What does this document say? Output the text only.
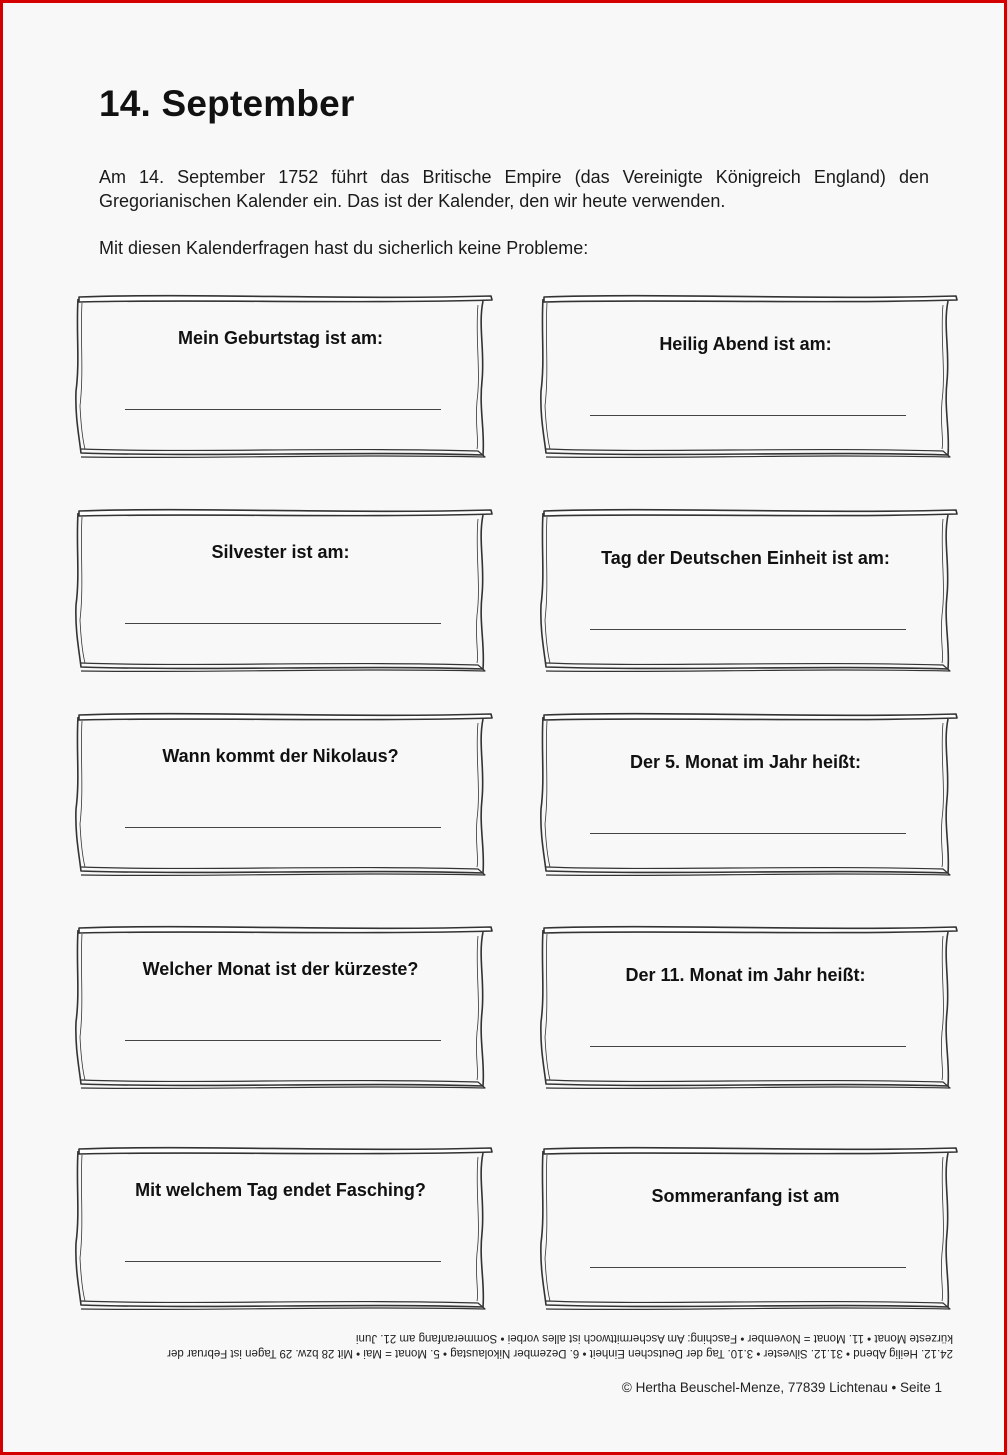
14. September

Am 14. September 1752 führt das Britische Empire (das Vereinigte Königreich England) den Gregorianischen Kalender ein. Das ist der Kalender, den wir heute verwenden.

Mit diesen Kalenderfragen hast du sicherlich keine Probleme:

Mein Geburtstag ist am:	Heilig Abend ist am:
Silvester ist am:	Tag der Deutschen Einheit ist am:
Wann kommt der Nikolaus?	Der 5. Monat im Jahr heißt:
Welcher Monat ist der kürzeste?	Der 11. Monat im Jahr heißt:
Mit welchem Tag endet Fasching?	Sommeranfang ist am

24.12. Heilig Abend • 31.12. Silvester • 3.10. Tag der Deutschen Einheit • 6. Dezember Nikolaustag • 5. Monat = Mai • Mit 28 bzw. 29 Tagen ist Februar der kürzeste Monat • 11. Monat = November • Fasching: Am Aschermittwoch ist alles vorbei • Sommeranfang am 21. Juni

© Hertha Beuschel-Menze, 77839 Lichtenau • Seite 1
